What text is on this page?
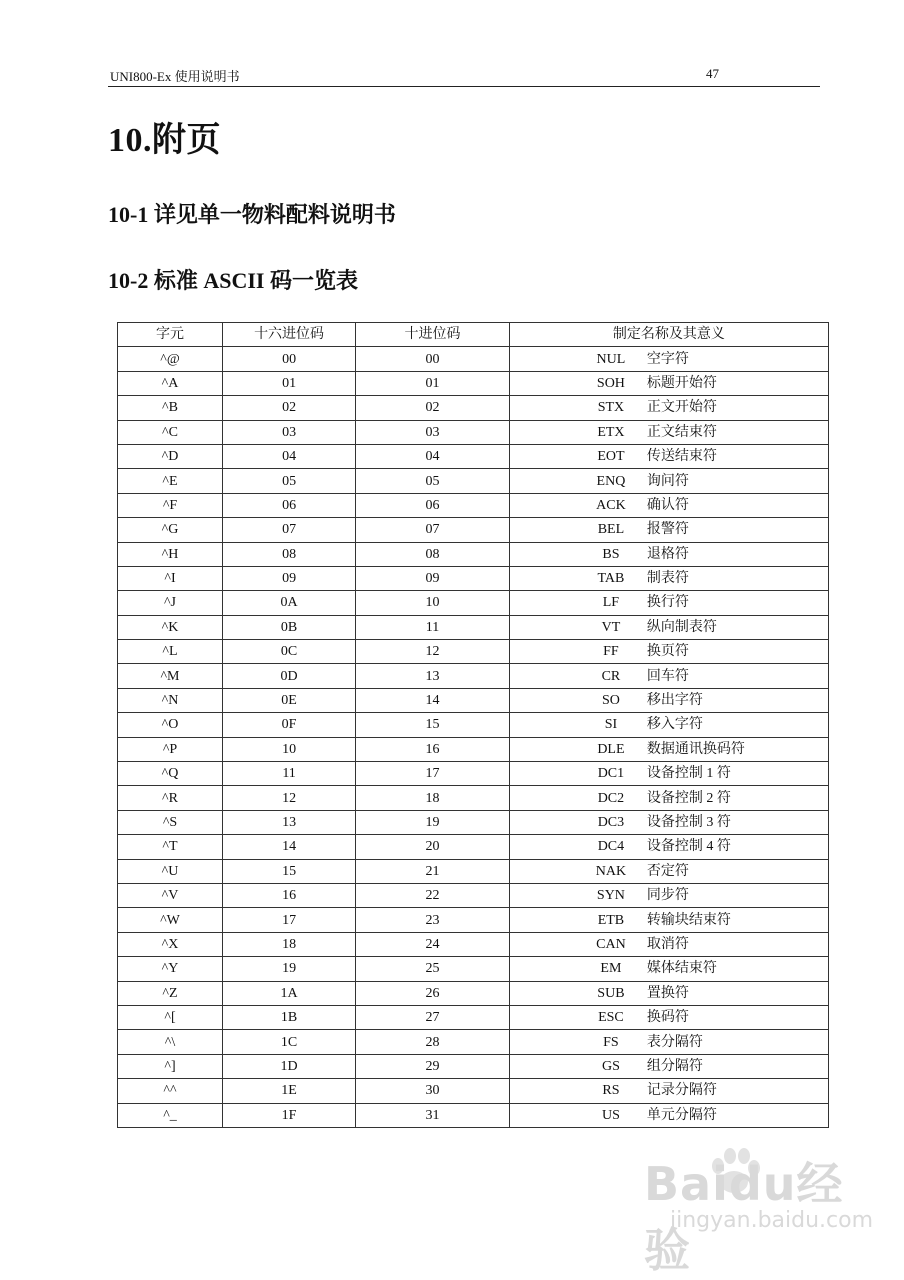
UNI800-Ex 使用说明书	47
10.附页
10-1 详见单一物料配料说明书
10-2 标准 ASCII 码一览表
字元	十六进位码	十进位码	制定名称及其意义
^@	00	00	NUL 空字符
^A	01	01	SOH 标题开始符
^B	02	02	STX 正文开始符
^C	03	03	ETX 正文结束符
^D	04	04	EOT 传送结束符
^E	05	05	ENQ 询问符
^F	06	06	ACK 确认符
^G	07	07	BEL 报警符
^H	08	08	BS 退格符
^I	09	09	TAB 制表符
^J	0A	10	LF 换行符
^K	0B	11	VT 纵向制表符
^L	0C	12	FF 换页符
^M	0D	13	CR 回车符
^N	0E	14	SO 移出字符
^O	0F	15	SI 移入字符
^P	10	16	DLE 数据通讯换码符
^Q	11	17	DC1 设备控制 1 符
^R	12	18	DC2 设备控制 2 符
^S	13	19	DC3 设备控制 3 符
^T	14	20	DC4 设备控制 4 符
^U	15	21	NAK 否定符
^V	16	22	SYN 同步符
^W	17	23	ETB 转输块结束符
^X	18	24	CAN 取消符
^Y	19	25	EM 媒体结束符
^Z	1A	26	SUB 置换符
^[	1B	27	ESC 换码符
^\	1C	28	FS 表分隔符
^]	1D	29	GS 组分隔符
^^	1E	30	RS 记录分隔符
^_	1F	31	US 单元分隔符
Baidu经验
jingyan.baidu.com
